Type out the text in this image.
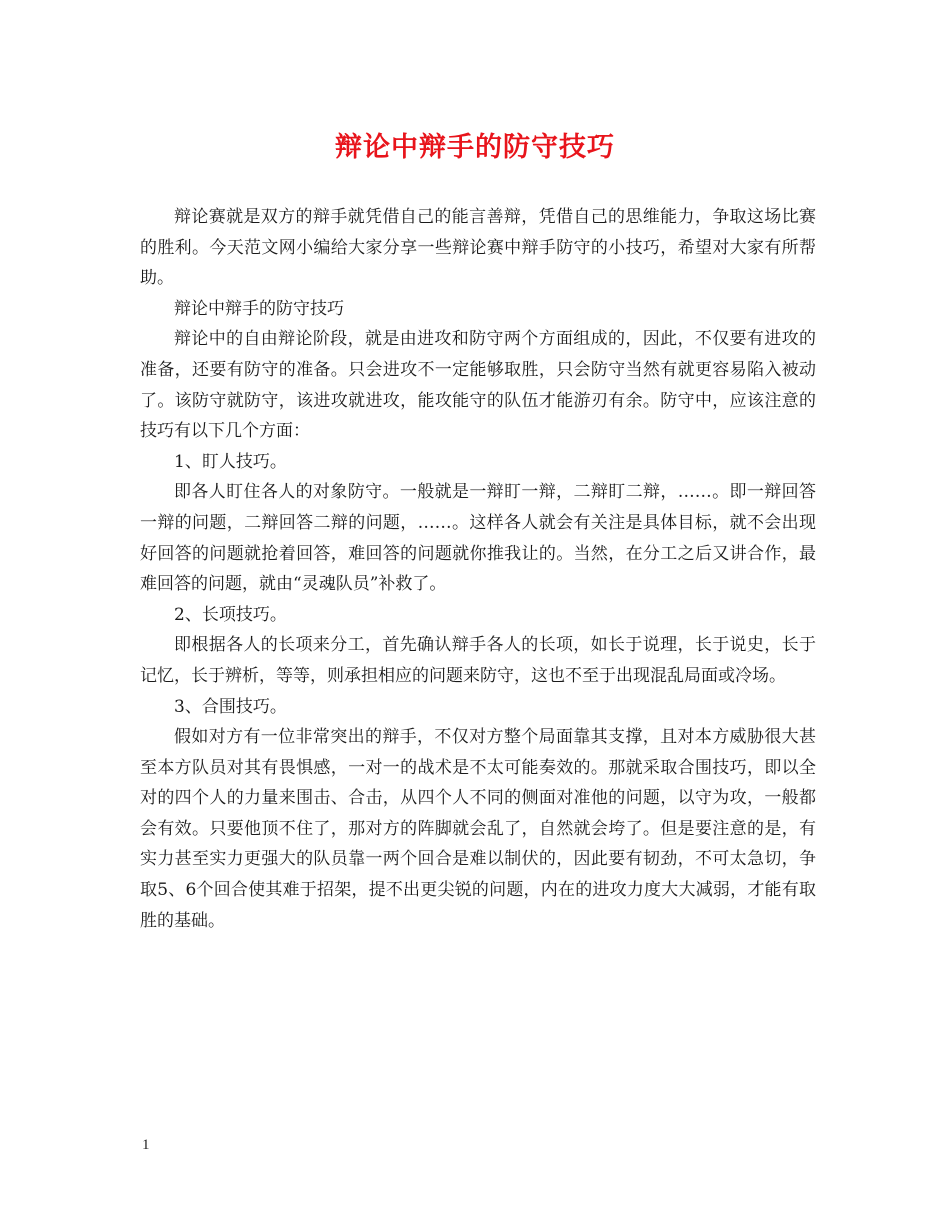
辩论中辩手的防守技巧

辩论赛就是双方的辩手就凭借自己的能言善辩，凭借自己的思维能力，争取这场比赛的胜利。今天范文网小编给大家分享一些辩论赛中辩手防守的小技巧，希望对大家有所帮助。

辩论中辩手的防守技巧

辩论中的自由辩论阶段，就是由进攻和防守两个方面组成的，因此，不仅要有进攻的准备，还要有防守的准备。只会进攻不一定能够取胜，只会防守当然有就更容易陷入被动了。该防守就防守，该进攻就进攻，能攻能守的队伍才能游刃有余。防守中，应该注意的技巧有以下几个方面：

1、盯人技巧。

即各人盯住各人的对象防守。一般就是一辩盯一辩，二辩盯二辩，……。即一辩回答一辩的问题，二辩回答二辩的问题，……。这样各人就会有关注是具体目标，就不会出现好回答的问题就抢着回答，难回答的问题就你推我让的。当然，在分工之后又讲合作，最难回答的问题，就由“灵魂队员”补救了。

2、长项技巧。

即根据各人的长项来分工，首先确认辩手各人的长项，如长于说理，长于说史，长于记忆，长于辨析，等等，则承担相应的问题来防守，这也不至于出现混乱局面或冷场。

3、合围技巧。

假如对方有一位非常突出的辩手，不仅对方整个局面靠其支撑，且对本方威胁很大甚至本方队员对其有畏惧感，一对一的战术是不太可能奏效的。那就采取合围技巧，即以全对的四个人的力量来围击、合击，从四个人不同的侧面对准他的问题，以守为攻，一般都会有效。只要他顶不住了，那对方的阵脚就会乱了，自然就会垮了。但是要注意的是，有实力甚至实力更强大的队员靠一两个回合是难以制伏的，因此要有韧劲，不可太急切，争取5、6个回合使其难于招架，提不出更尖锐的问题，内在的进攻力度大大减弱，才能有取胜的基础。

1
